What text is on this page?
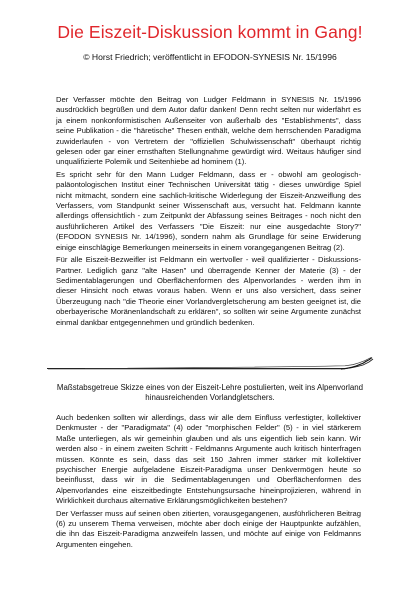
Die Eiszeit-Diskussion kommt in Gang!
© Horst Friedrich; veröffentlicht in EFODON-SYNESIS Nr. 15/1996

Der Verfasser möchte den Beitrag von Ludger Feldmann in SYNESIS Nr. 15/1996 ausdrücklich begrüßen und dem Autor dafür danken! Denn recht selten nur widerfährt es ja einem nonkonformistischen Außenseiter von außerhalb des "Establishments", dass seine Publikation - die "häretische" Thesen enthält, welche dem herrschenden Paradigma zuwiderlaufen - von Vertretern der "offiziellen Schulwissenschaft" überhaupt richtig gelesen oder gar einer ernsthaften Stellungnahme gewürdigt wird. Weitaus häufiger sind unqualifizierte Polemik und Seitenhiebe ad hominem (1).

Es spricht sehr für den Mann Ludger Feldmann, dass er - obwohl am geologisch-paläontologischen Institut einer Technischen Universität tätig - dieses unwürdige Spiel nicht mitmacht, sondern eine sachlich-kritische Widerlegung der Eiszeit-Anzweiflung des Verfassers, vom Standpunkt seiner Wissenschaft aus, versucht hat. Feldmann kannte allerdings offensichtlich - zum Zeitpunkt der Abfassung seines Beitrages - noch nicht den ausführlicheren Artikel des Verfassers "Die Eiszeit: nur eine ausgedachte Story?" (EFODON SYNESIS Nr. 14/1996), sondern nahm als Grundlage für seine Erwiderung einige einschlägige Bemerkungen meinerseits in einem vorangegangenen Beitrag (2).

Für alle Eiszeit-Bezweifler ist Feldmann ein wertvoller - weil qualifizierter - Diskussions-Partner. Lediglich ganz "alte Hasen" und überragende Kenner der Materie (3) - der Sedimentablagerungen und Oberflächenformen des Alpenvorlandes - werden ihm in dieser Hinsicht noch etwas voraus haben. Wenn er uns also versichert, dass seiner Überzeugung nach "die Theorie einer Vorlandvergletscherung am besten geeignet ist, die oberbayerische Moränenlandschaft zu erklären", so sollten wir seine Argumente zunächst einmal dankbar entgegennehmen und gründlich bedenken.

Maßstabsgetreue Skizze eines von der Eiszeit-Lehre postulierten, weit ins Alpenvorland hinausreichenden Vorlandgletschers.

Auch bedenken sollten wir allerdings, dass wir alle dem Einfluss verfestigter, kollektiver Denkmuster - der "Paradigmata" (4) oder "morphischen Felder" (5) - in viel stärkerem Maße unterliegen, als wir gemeinhin glauben und als uns eigentlich lieb sein kann. Wir werden also - in einem zweiten Schritt - Feldmanns Argumente auch kritisch hinterfragen müssen. Könnte es sein, dass das seit 150 Jahren immer stärker mit kollektiver psychischer Energie aufgeladene Eiszeit-Paradigma unser Denkvermögen heute so beeinflusst, dass wir in die Sedimentablagerungen und Oberflächenformen des Alpenvorlandes eine eiszeitbedingte Entstehungsursache hineinprojizieren, während in Wirklichkeit durchaus alternative Erklärungsmöglichkeiten bestehen?

Der Verfasser muss auf seinen oben zitierten, vorausgegangenen, ausführlicheren Beitrag (6) zu unserem Thema verweisen, möchte aber doch einige der Hauptpunkte aufzählen, die ihn das Eiszeit-Paradigma anzweifeln lassen, und möchte auf einige von Feldmanns Argumenten eingehen.
